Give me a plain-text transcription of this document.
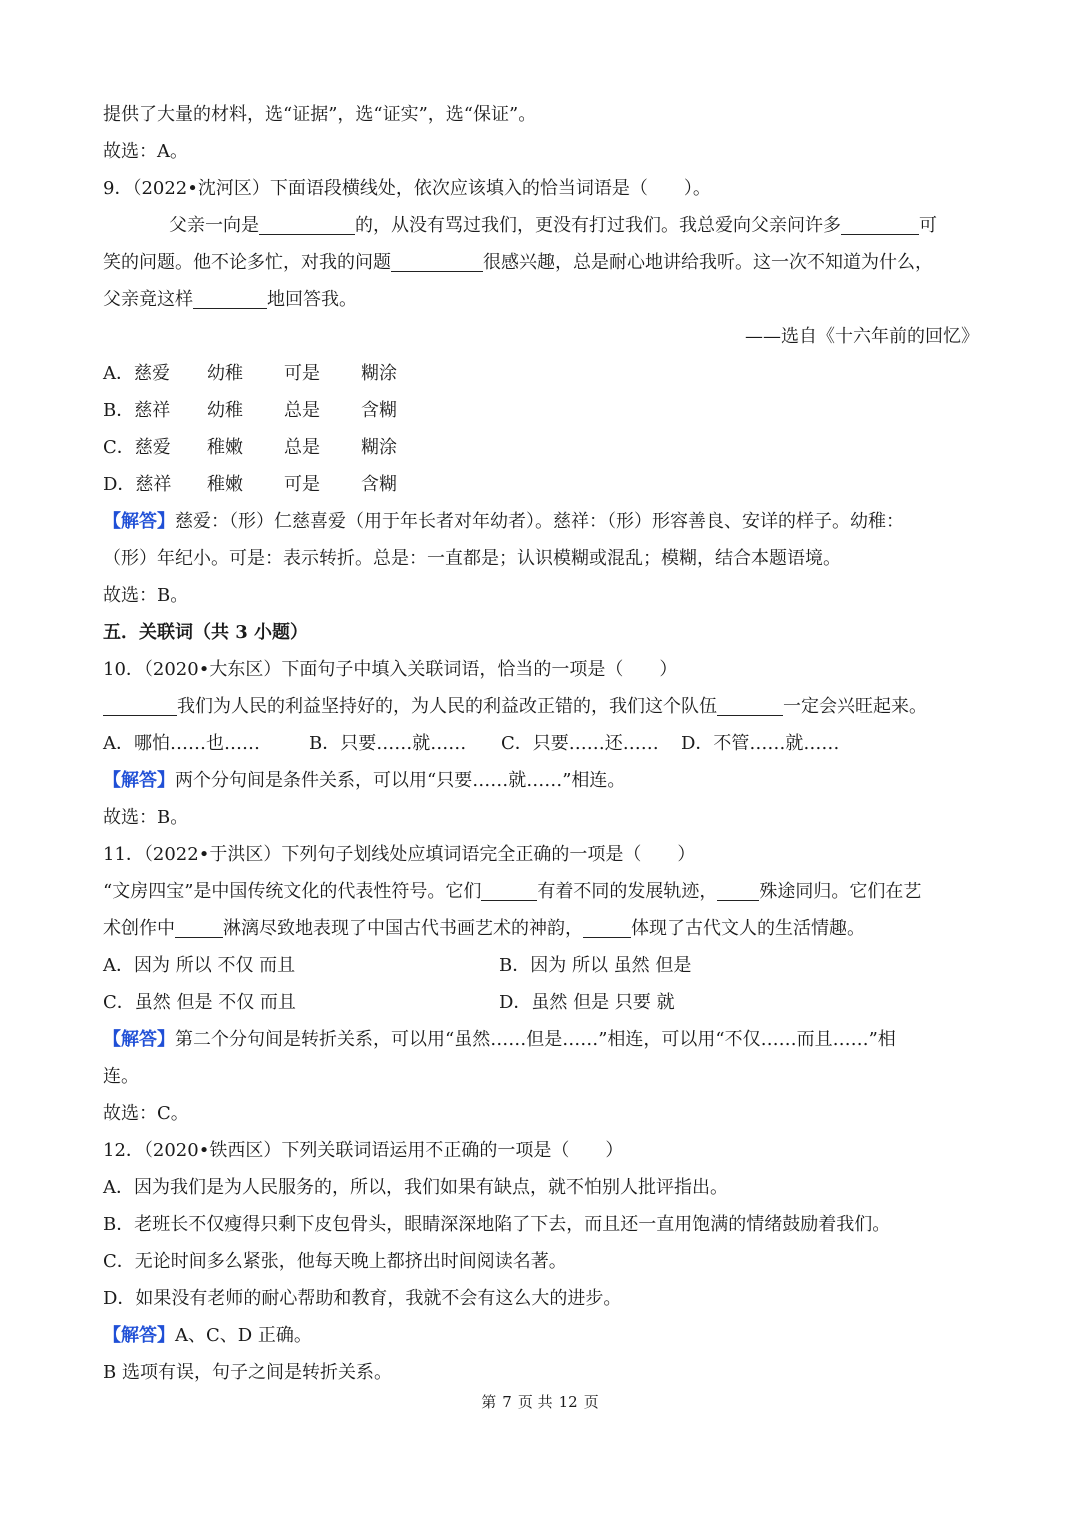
提供了大量的材料，选“证据”，选“证实”，选“保证”。
故选：A。
9．（2022•沈河区）下面语段横线处，依次应该填入的恰当词语是（　　）。
父亲一向是	的，从没有骂过我们，更没有打过我们。我总爱向父亲问许多	可
笑的问题。他不论多忙，对我的问题	很感兴趣，总是耐心地讲给我听。这一次不知道为什么，
父亲竟这样	地回答我。
——选自《十六年前的回忆》
A．慈爱 幼稚 可是 糊涂
B．慈祥 幼稚 总是 含糊
C．慈爱 稚嫩 总是 糊涂
D．慈祥 稚嫩 可是 含糊
【解答】慈爱：（形）仁慈喜爱（用于年长者对年幼者）。慈祥：（形）形容善良、安详的样子。幼稚：
（形）年纪小。可是：表示转折。总是：一直都是；认识模糊或混乱；模糊，结合本题语境。
故选：B。
五．关联词（共 3 小题）
10．（2020•大东区）下面句子中填入关联词语，恰当的一项是（　　）
我们为人民的利益坚持好的，为人民的利益改正错的，我们这个队伍	一定会兴旺起来。
A．哪怕……也……	B．只要……就…… C．只要……还…… D．不管……就……
【解答】两个分句间是条件关系，可以用“只要……就……”相连。
故选：B。
11．（2022•于洪区）下列句子划线处应填词语完全正确的一项是（　　）
“文房四宝”是中国传统文化的代表性符号。它们	有着不同的发展轨迹， 殊途同归。它们在艺
术创作中	淋漓尽致地表现了中国古代书画艺术的神韵，	体现了古代文人的生活情趣。
A．因为 所以 不仅 而且	B．因为 所以 虽然 但是
C．虽然 但是 不仅 而且	D．虽然 但是 只要 就
【解答】第二个分句间是转折关系，可以用“虽然……但是……”相连，可以用“不仅……而且……”相
连。
故选：C。
12．（2020•铁西区）下列关联词语运用不正确的一项是（　　）
A．因为我们是为人民服务的，所以，我们如果有缺点，就不怕别人批评指出。
B．老班长不仅瘦得只剩下皮包骨头，眼睛深深地陷了下去，而且还一直用饱满的情绪鼓励着我们。
C．无论时间多么紧张，他每天晚上都挤出时间阅读名著。
D．如果没有老师的耐心帮助和教育，我就不会有这么大的进步。
【解答】A、C、D 正确。
B 选项有误，句子之间是转折关系。
第 7 页 共 12 页
